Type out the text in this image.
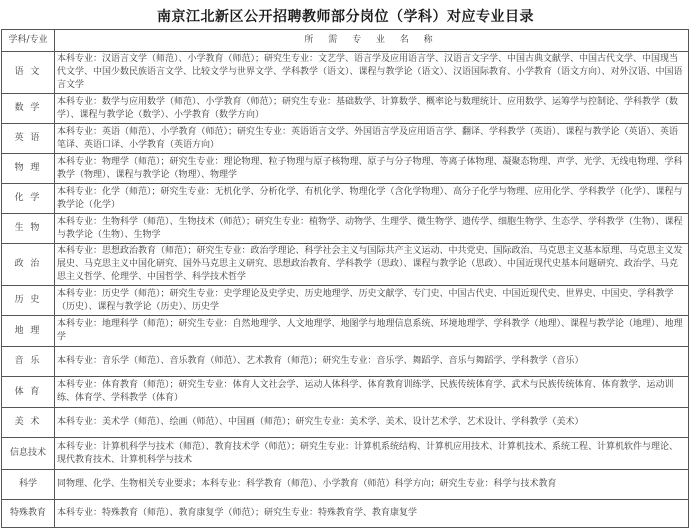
南京江北新区公开招聘教师部分岗位（学科）对应专业目录
学科/专业	所 需 专 业 名 称
语 文	本科专业：汉语言文学（师范）、小学教育（师范）；研究生专业：文艺学、语言学及应用语言学、汉语言文字学、中国古典文献学、中国古代文学、中国现当代文学、中国少数民族语言文学、比较文学与世界文学、学科教学（语文）、课程与教学论（语文）、汉语国际教育、小学教育（语文方向）、对外汉语、中国语言文学
数 学	本科专业：数学与应用数学（师范）、小学教育（师范）；研究生专业：基础数学、计算数学、概率论与数理统计、应用数学、运筹学与控制论、学科教学（数学）、课程与教学论（数学）、小学教育（数学方向）
英 语	本科专业：英语（师范）、小学教育（师范）；研究生专业：英语语言文学、外国语言学及应用语言学、翻译、学科教学（英语）、课程与教学论（英语）、英语笔译、英语口译、小学教育（英语方向）
物 理	本科专业：物理学（师范）；研究生专业：理论物理、粒子物理与原子核物理、原子与分子物理、等离子体物理、凝聚态物理、声学、光学、无线电物理、学科教学（物理）、课程与教学论（物理）、物理学
化 学	本科专业：化学（师范）；研究生专业：无机化学、分析化学、有机化学、物理化学（含化学物理）、高分子化学与物理、应用化学、学科教学（化学）、课程与教学论（化学）
生 物	本科专业：生物科学（师范）、生物技术（师范）；研究生专业：植物学、动物学、生理学、微生物学、遗传学、细胞生物学、生态学、学科教学（生物）、课程与教学论（生物）、生物学
政 治	本科专业：思想政治教育（师范）；研究生专业：政治学理论、科学社会主义与国际共产主义运动、中共党史、国际政治、马克思主义基本原理、马克思主义发展史、马克思主义中国化研究、国外马克思主义研究、思想政治教育、学科教学（思政）、课程与教学论（思政）、中国近现代史基本问题研究、政治学、马克思主义哲学、伦理学、中国哲学、科学技术哲学
历 史	本科专业：历史学（师范）；研究生专业：史学理论及史学史、历史地理学、历史文献学、专门史、中国古代史、中国近现代史、世界史、中国史、学科教学（历史）、课程与教学论（历史）、历史学
地 理	本科专业：地理科学（师范）；研究生专业：自然地理学、人文地理学、地图学与地理信息系统、环境地理学、学科教学（地理）、课程与教学论（地理）、地理学
音 乐	本科专业：音乐学（师范）、音乐教育（师范）、艺术教育（师范）；研究生专业：音乐学、舞蹈学、音乐与舞蹈学、学科教学（音乐）
体 育	本科专业：体育教育（师范）；研究生专业：体育人文社会学、运动人体科学、体育教育训练学、民族传统体育学、武术与民族传统体育、体育教学、运动训练、体育学、学科教学（体育）
美 术	本科专业：美术学（师范）、绘画（师范）、中国画（师范）；研究生专业：美术学、美术、设计艺术学、艺术设计、学科教学（美术）
信息技术	本科专业：计算机科学与技术（师范）、教育技术学（师范）；研究生专业：计算机系统结构、计算机应用技术、计算机技术、系统工程、计算机软件与理论、现代教育技术、计算机科学与技术
科学	同物理、化学、生物相关专业要求；本科专业：科学教育（师范）、小学教育（师范）科学方向；研究生专业：科学与技术教育
特殊教育	本科专业：特殊教育（师范）、教育康复学（师范）；研究生专业：特殊教育学、教育康复学
